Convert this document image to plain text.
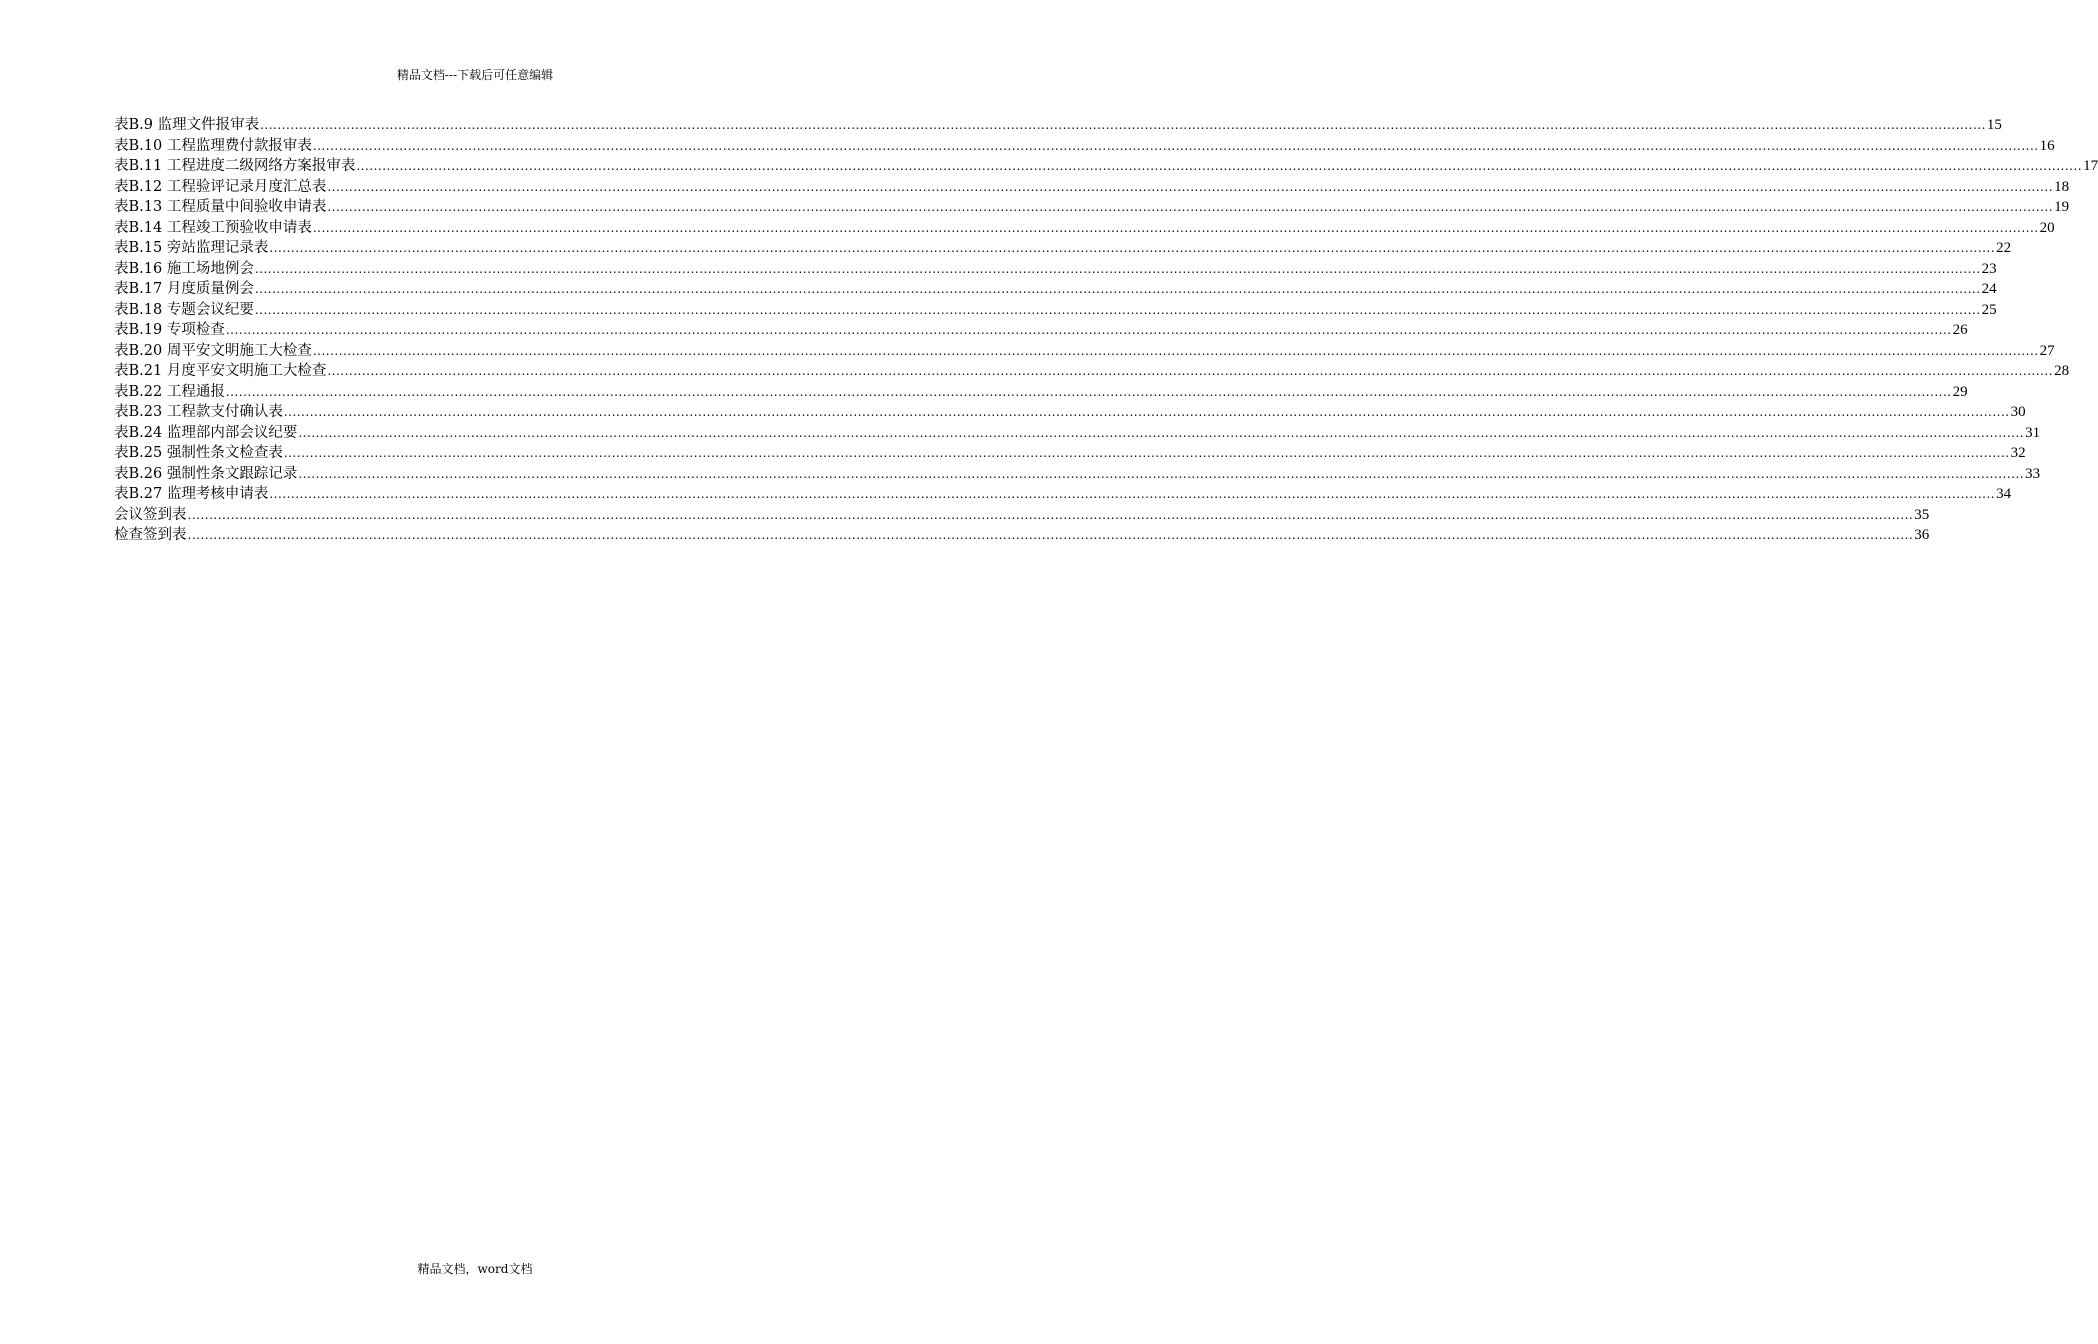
精品文档---下载后可任意编辑
表B.9 监理文件报审表 ................................................................................................................................................................................................................................................................................................................................................................................................................ 15
表B.10 工程监理费付款报审表 ................................................................................................................................................................................................................................................................................................................................................................................................................ 16
表B.11 工程进度二级网络方案报审表 ................................................................................................................................................................................................................................................................................................................................................................................................................ 17
表B.12 工程验评记录月度汇总表 ................................................................................................................................................................................................................................................................................................................................................................................................................ 18
表B.13 工程质量中间验收申请表 ................................................................................................................................................................................................................................................................................................................................................................................................................ 19
表B.14 工程竣工预验收申请表 ................................................................................................................................................................................................................................................................................................................................................................................................................ 20
表B.15 旁站监理记录表 ................................................................................................................................................................................................................................................................................................................................................................................................................ 22
表B.16 施工场地例会 ................................................................................................................................................................................................................................................................................................................................................................................................................ 23
表B.17 月度质量例会 ................................................................................................................................................................................................................................................................................................................................................................................................................ 24
表B.18 专题会议纪要 ................................................................................................................................................................................................................................................................................................................................................................................................................ 25
表B.19 专项检查 ................................................................................................................................................................................................................................................................................................................................................................................................................ 26
表B.20 周平安文明施工大检查 ................................................................................................................................................................................................................................................................................................................................................................................................................ 27
表B.21 月度平安文明施工大检查 ................................................................................................................................................................................................................................................................................................................................................................................................................ 28
表B.22 工程通报 ................................................................................................................................................................................................................................................................................................................................................................................................................ 29
表B.23 工程款支付确认表 ................................................................................................................................................................................................................................................................................................................................................................................................................ 30
表B.24 监理部内部会议纪要 ................................................................................................................................................................................................................................................................................................................................................................................................................ 31
表B.25 强制性条文检查表 ................................................................................................................................................................................................................................................................................................................................................................................................................ 32
表B.26 强制性条文跟踪记录 ................................................................................................................................................................................................................................................................................................................................................................................................................ 33
表B.27 监理考核申请表 ................................................................................................................................................................................................................................................................................................................................................................................................................ 34
会议签到表 ................................................................................................................................................................................................................................................................................................................................................................................................................ 35
检查签到表 ................................................................................................................................................................................................................................................................................................................................................................................................................ 36
精品文档，word文档
